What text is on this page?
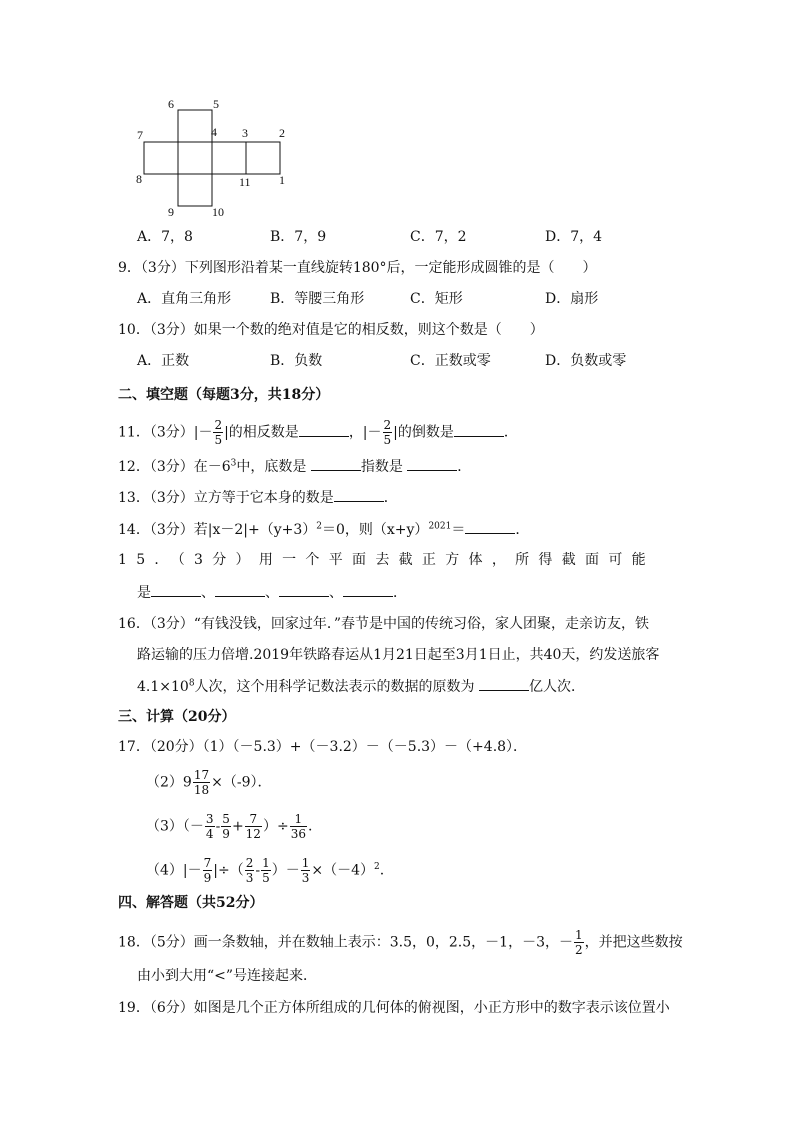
6	5
7	4 3	2
8	11 1
9	10
A．7，8	B．7，9	C．7，2	D．7，4
9．（3分）下列图形沿着某一直线旋转180°后，一定能形成圆锥的是（　　）
A．直角三角形	B．等腰三角形	C．矩形	D．扇形
10．（3分）如果一个数的绝对值是它的相反数，则这个数是（　　）
A．正数	B．负数	C．正数或零	D．负数或零
二、填空题（每题3分，共18分）
11．（3分）|－ $\frac{2}{5}$ |的相反数是	，|－ $\frac{2}{5}$ |的倒数是	．
12．（3分）在$-6^3$中，底数是	指数是	．
13．（3分）立方等于它本身的数是	．
14．（3分）若$|x-2|+(y+3)^2=0$，则$(x+y)^{2021}=$	．
15．（3分）用一个平面去截正方体，所得截面可能
是	、	、	、	．
16．（3分）“有钱没钱，回家过年．”春节是中国的传统习俗，家人团聚，走亲访友，铁
路运输的压力倍增.2019年铁路春运从1月21日起至3月1日止，共40天，约发送旅客
$4.1\times 10^8$人次，这个用科学记数法表示的数据的原数为	亿人次．
三、计算（20分）
17．（20分）（1）（－5.3）+（－3.2）－（－5.3）－（+4.8）．
$(2)9 \frac{17}{18} \times(-9)$．
$(3)(- \frac{3}{4} - \frac{5}{9} + \frac{7}{12}$ ）÷ $\frac{1}{36}$ .
$(4)|- \frac{7}{9}$ |÷（ $\frac{2}{3} - \frac{1}{5}$ ）－ $\frac{1}{3} \times(-4)^2$.
四、解答题（共52分）
18．（5分）画一条数轴，并在数轴上表示：3.5，0，2.5，－1，－3，－ $\frac{1}{2}$ ，并把这些数按
由小到大用“<”号连接起来．
19．（6分）如图是几个正方体所组成的几何体的俯视图，小正方形中的数字表示该位置小
